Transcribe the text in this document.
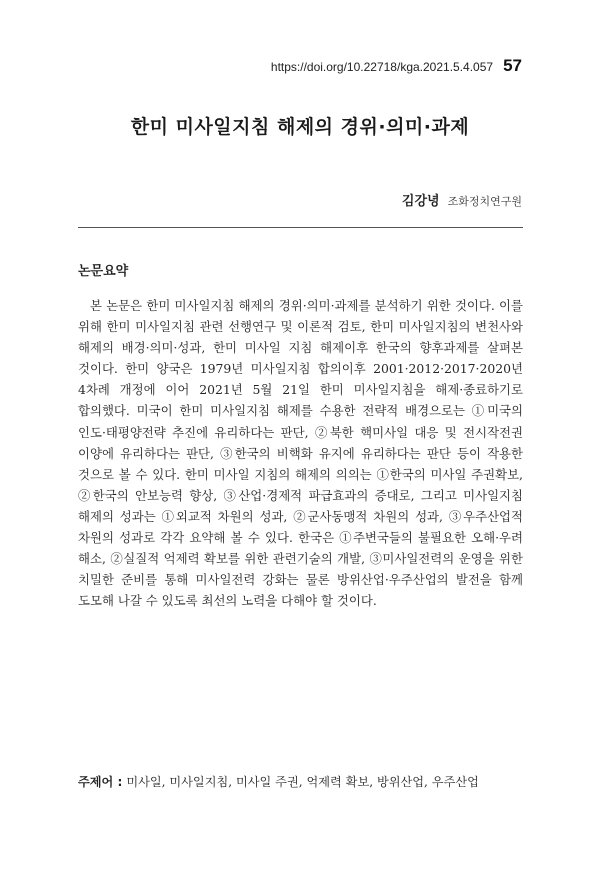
https://doi.org/10.22718/kga.2021.5.4.057 57
한미 미사일지침 해제의 경위·의미·과제
김강녕 조화정치연구원
논문요약

본 논문은 한미 미사일지침 해제의 경위·의미·과제를 분석하기 위한 것이다. 이를 위해 한미 미사일지침 관련 선행연구 및 이론적 검토, 한미 미사일지침의 변천사와 해제의 배경·의미·성과, 한미 미사일 지침 해제이후 한국의 향후과제를 살펴본 것이다. 한미 양국은 1979년 미사일지침 합의이후 2001·2012·2017·2020년 4차례 개정에 이어 2021년 5월 21일 한미 미사일지침을 해제·종료하기로 합의했다. 미국이 한미 미사일지침 해제를 수용한 전략적 배경으로는 ①미국의 인도·태평양전략 추진에 유리하다는 판단, ②북한 핵미사일 대응 및 전시작전권 이양에 유리하다는 판단, ③한국의 비핵화 유지에 유리하다는 판단 등이 작용한 것으로 볼 수 있다. 한미 미사일 지침의 해제의 의의는 ①한국의 미사일 주권확보, ②한국의 안보능력 향상, ③산업·경제적 파급효과의 증대로, 그리고 미사일지침 해제의 성과는 ①외교적 차원의 성과, ②군사동맹적 차원의 성과, ③우주산업적 차원의 성과로 각각 요약해 볼 수 있다. 한국은 ①주변국들의 불필요한 오해·우려 해소, ②실질적 억제력 확보를 위한 관련기술의 개발, ③미사일전력의 운영을 위한 치밀한 준비를 통해 미사일전력 강화는 물론 방위산업·우주산업의 발전을 함께 도모해 나갈 수 있도록 최선의 노력을 다해야 할 것이다.

주제어 : 미사일, 미사일지침, 미사일 주권, 억제력 확보, 방위산업, 우주산업
